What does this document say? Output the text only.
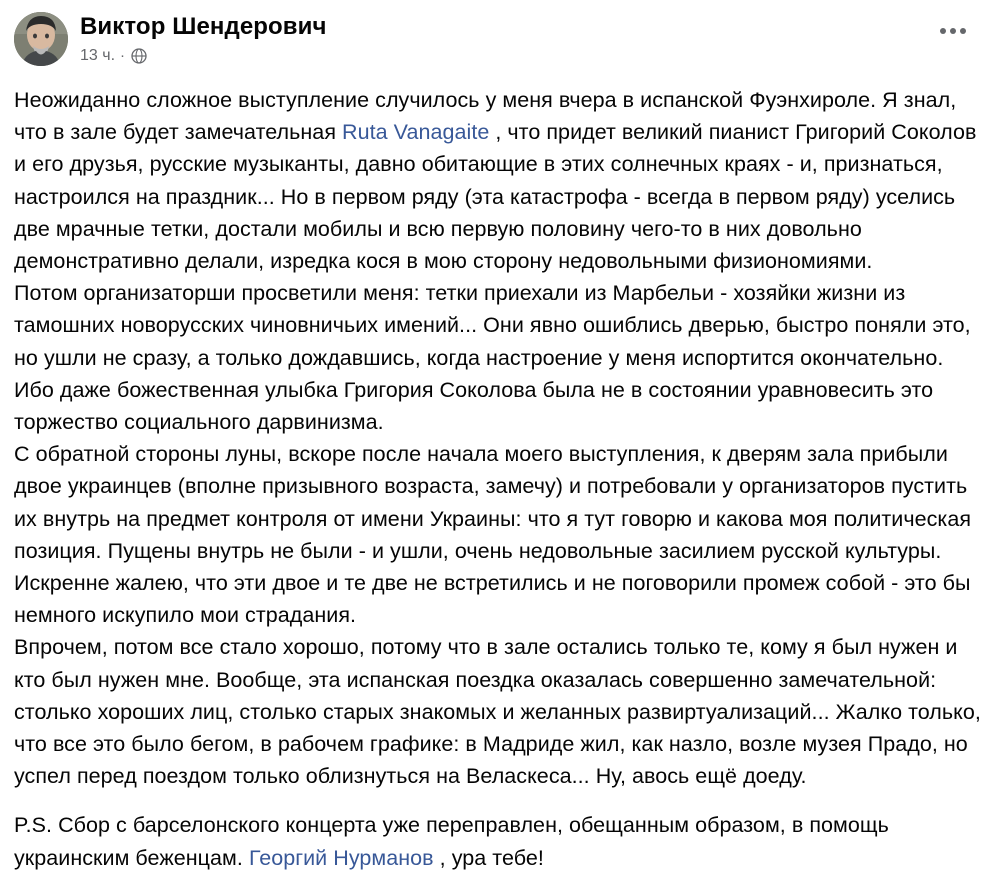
Виктор Шендерович
13 ч. ·

Неожиданно сложное выступление случилось у меня вчера в испанской Фуэнхироле. Я знал, что в зале будет замечательная Ruta Vanagaite , что придет великий пианист Григорий Соколов и его друзья, русские музыканты, давно обитающие в этих солнечных краях - и, признаться, настроился на праздник... Но в первом ряду (эта катастрофа - всегда в первом ряду) уселись две мрачные тетки, достали мобилы и всю первую половину чего-то в них довольно демонстративно делали, изредка кося в мою сторону недовольными физиономиями.

Потом организаторши просветили меня: тетки приехали из Марбельи - хозяйки жизни из тамошних новорусских чиновничьих имений... Они явно ошиблись дверью, быстро поняли это, но ушли не сразу, а только дождавшись, когда настроение у меня испортится окончательно. Ибо даже божественная улыбка Григория Соколова была не в состоянии уравновесить это торжество социального дарвинизма.

С обратной стороны луны, вскоре после начала моего выступления, к дверям зала прибыли двое украинцев (вполне призывного возраста, замечу) и потребовали у организаторов пустить их внутрь на предмет контроля от имени Украины: что я тут говорю и какова моя политическая позиция. Пущены внутрь не были - и ушли, очень недовольные засилием русской культуры.

Искренне жалею, что эти двое и те две не встретились и не поговорили промеж собой - это бы немного искупило мои страдания.

Впрочем, потом все стало хорошо, потому что в зале остались только те, кому я был нужен и кто был нужен мне. Вообще, эта испанская поездка оказалась совершенно замечательной: столько хороших лиц, столько старых знакомых и желанных развиртуализаций... Жалко только, что все это было бегом, в рабочем графике: в Мадриде жил, как назло, возле музея Прадо, но успел перед поездом только облизнуться на Веласкеса... Ну, авось ещё доеду.

P.S. Сбор с барселонского концерта уже переправлен, обещанным образом, в помощь украинским беженцам. Георгий Нурманов , ура тебе!
